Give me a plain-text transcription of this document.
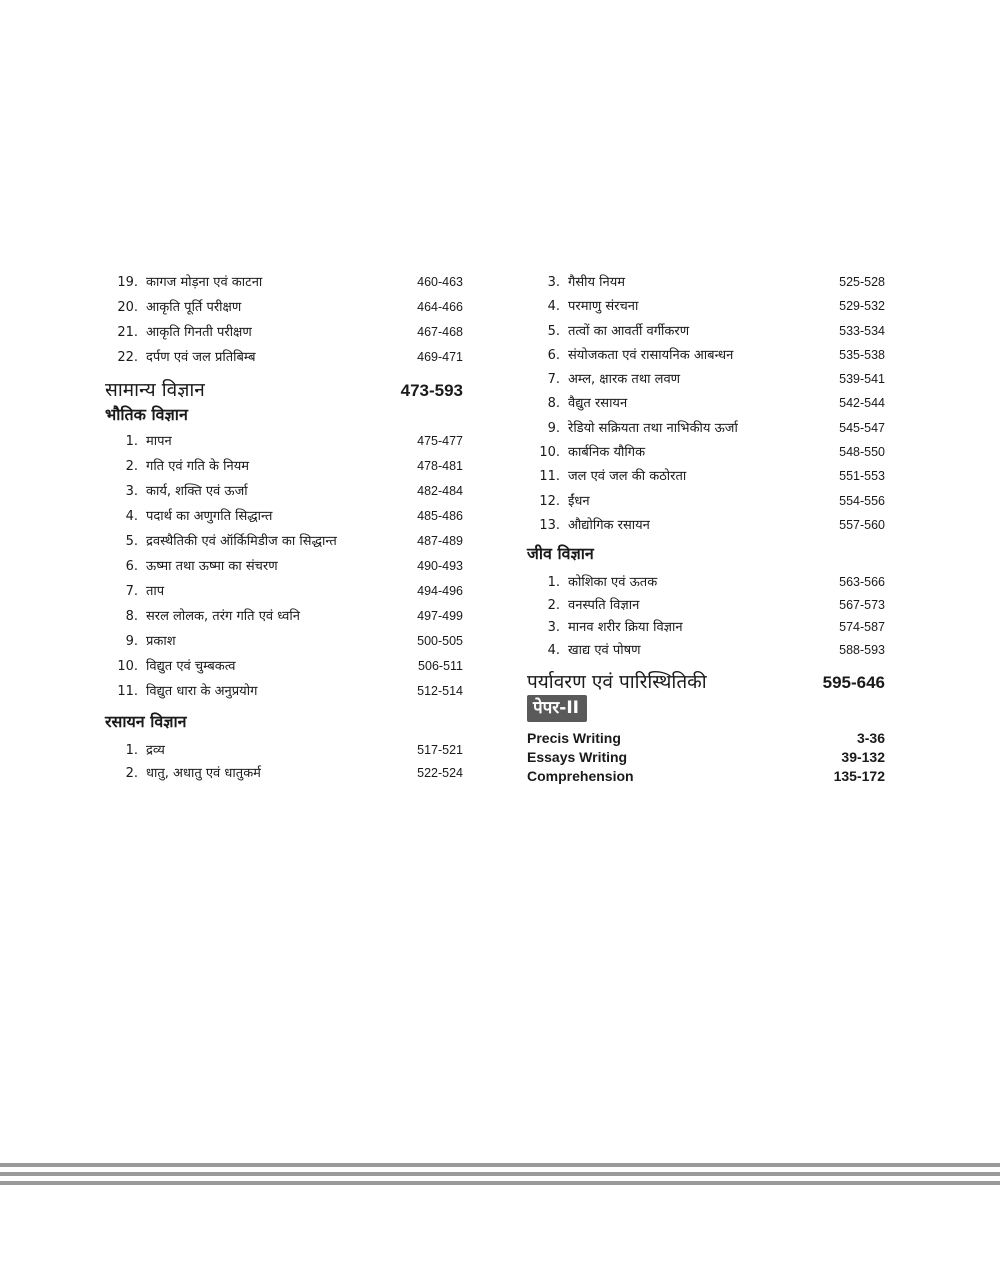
19. कागज मोड़ना एवं काटना	460-463
20. आकृति पूर्ति परीक्षण	464-466
21. आकृति गिनती परीक्षण	467-468
22. दर्पण एवं जल प्रतिबिम्ब	469-471
सामान्य विज्ञान	473-593
भौतिक विज्ञान
1. मापन	475-477
2. गति एवं गति के नियम	478-481
3. कार्य, शक्ति एवं ऊर्जा	482-484
4. पदार्थ का अणुगति सिद्धान्त	485-486
5. द्रवस्थैतिकी एवं ऑर्किमिडीज का सिद्धान्त	487-489
6. ऊष्मा तथा ऊष्मा का संचरण	490-493
7. ताप	494-496
8. सरल लोलक, तरंग गति एवं ध्वनि	497-499
9. प्रकाश	500-505
10. विद्युत एवं चुम्बकत्व	506-511
11. विद्युत धारा के अनुप्रयोग	512-514
रसायन विज्ञान
1. द्रव्य	517-521
2. धातु, अधातु एवं धातुकर्म	522-524
3. गैसीय नियम	525-528
4. परमाणु संरचना	529-532
5. तत्वों का आवर्ती वर्गीकरण	533-534
6. संयोजकता एवं रासायनिक आबन्धन	535-538
7. अम्ल, क्षारक तथा लवण	539-541
8. वैद्युत रसायन	542-544
9. रेडियो सक्रियता तथा नाभिकीय ऊर्जा	545-547
10. कार्बनिक यौगिक	548-550
11. जल एवं जल की कठोरता	551-553
12. ईंधन	554-556
13. औद्योगिक रसायन	557-560
जीव विज्ञान
1. कोशिका एवं ऊतक	563-566
2. वनस्पति विज्ञान	567-573
3. मानव शरीर क्रिया विज्ञान	574-587
4. खाद्य एवं पोषण	588-593
पर्यावरण एवं पारिस्थितिकी	595-646
पेपर-II
Precis Writing	3-36
Essays Writing	39-132
Comprehension	135-172
